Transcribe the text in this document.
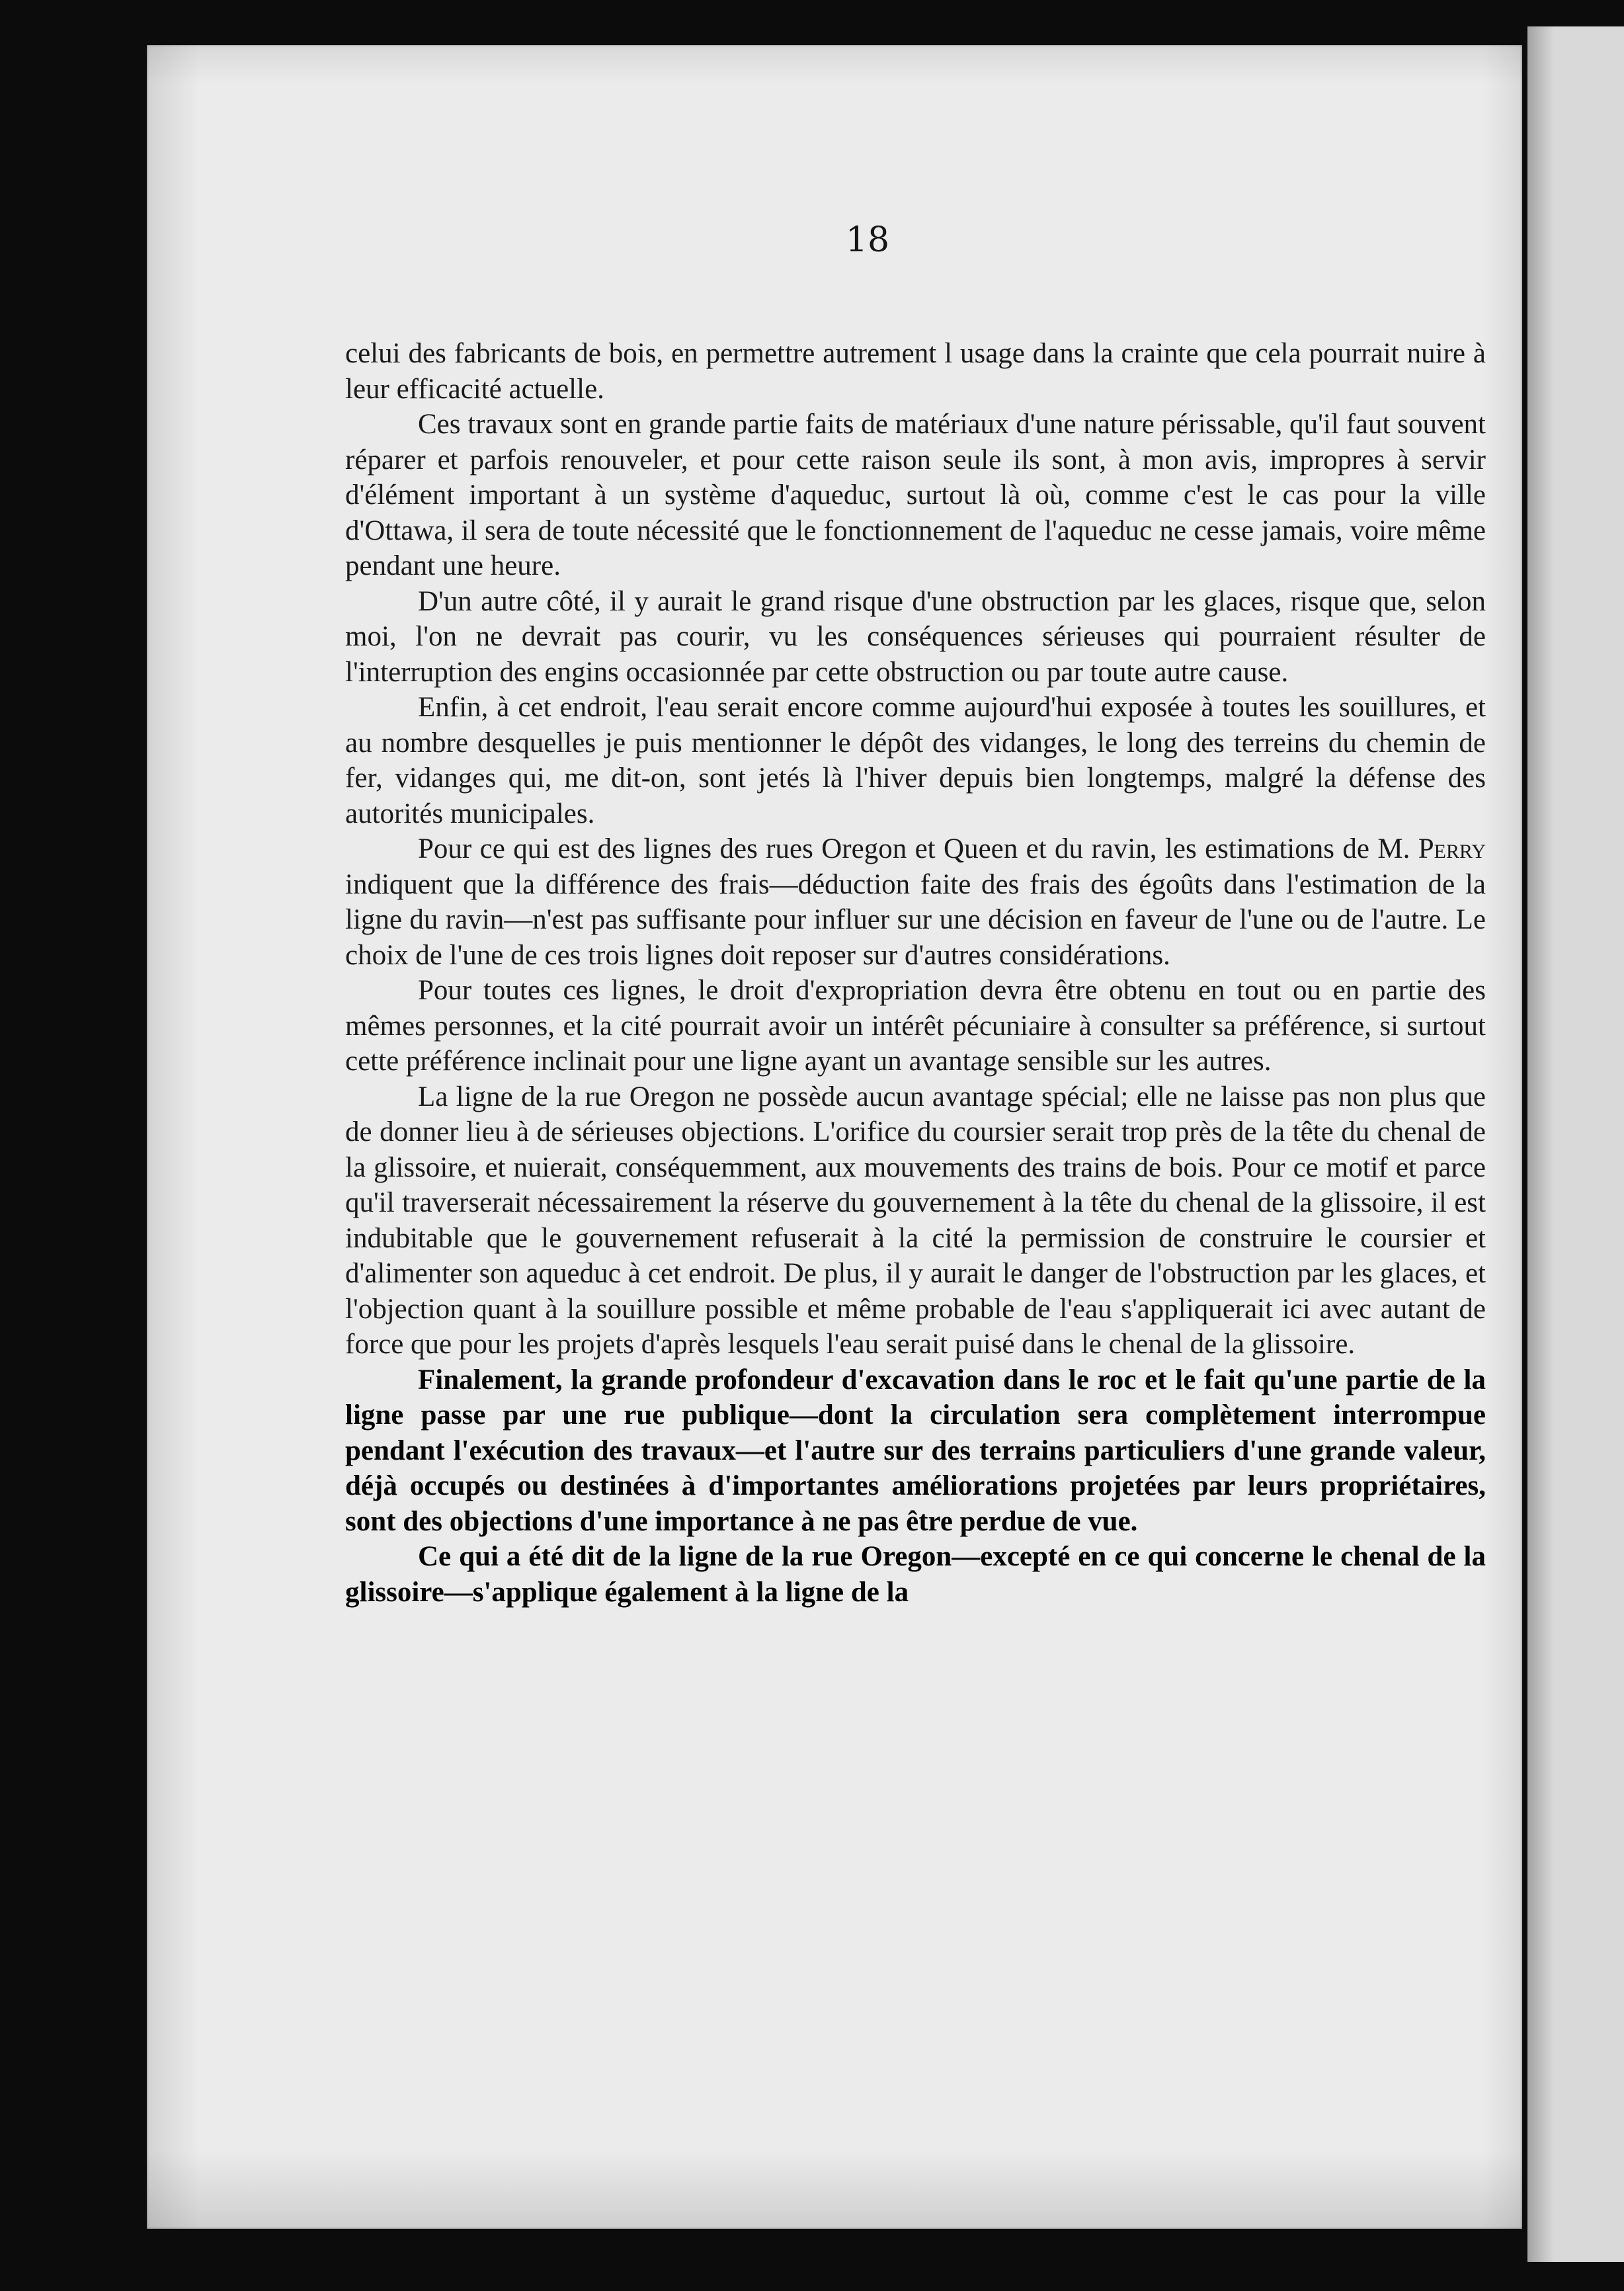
18

celui des fabricants de bois, en permettre autrement l usage dans la crainte que cela pourrait nuire à leur efficacité actuelle.

Ces travaux sont en grande partie faits de matériaux d'une nature périssable, qu'il faut souvent réparer et parfois renouveler, et pour cette raison seule ils sont, à mon avis, impropres à servir d'élément important à un système d'aqueduc, surtout là où, comme c'est le cas pour la ville d'Ottawa, il sera de toute nécessité que le fonctionnement de l'aqueduc ne cesse jamais, voire même pendant une heure.

D'un autre côté, il y aurait le grand risque d'une obstruction par les glaces, risque que, selon moi, l'on ne devrait pas courir, vu les conséquences sérieuses qui pourraient résulter de l'interruption des engins occasionnée par cette obstruction ou par toute autre cause.

Enfin, à cet endroit, l'eau serait encore comme aujourd'hui exposée à toutes les souillures, et au nombre desquelles je puis mentionner le dépôt des vidanges, le long des terreins du chemin de fer, vidanges qui, me dit-on, sont jetés là l'hiver depuis bien longtemps, malgré la défense des autorités municipales.

Pour ce qui est des lignes des rues Oregon et Queen et du ravin, les estimations de M. Perry indiquent que la différence des frais—déduction faite des frais des égoûts dans l'estimation de la ligne du ravin—n'est pas suffisante pour influer sur une décision en faveur de l'une ou de l'autre. Le choix de l'une de ces trois lignes doit reposer sur d'autres considérations.

Pour toutes ces lignes, le droit d'expropriation devra être obtenu en tout ou en partie des mêmes personnes, et la cité pourrait avoir un intérêt pécuniaire à consulter sa préférence, si surtout cette préférence inclinait pour une ligne ayant un avantage sensible sur les autres.

La ligne de la rue Oregon ne possède aucun avantage spécial; elle ne laisse pas non plus que de donner lieu à de sérieuses objections. L'orifice du coursier serait trop près de la tête du chenal de la glissoire, et nuierait, conséquemment, aux mouvements des trains de bois. Pour ce motif et parce qu'il traverserait nécessairement la réserve du gouvernement à la tête du chenal de la glissoire, il est indubitable que le gouvernement refuserait à la cité la permission de construire le coursier et d'alimenter son aqueduc à cet endroit. De plus, il y aurait le danger de l'obstruction par les glaces, et l'objection quant à la souillure possible et même probable de l'eau s'appliquerait ici avec autant de force que pour les projets d'après lesquels l'eau serait puisé dans le chenal de la glissoire.

Finalement, la grande profondeur d'excavation dans le roc et le fait qu'une partie de la ligne passe par une rue publique—dont la circulation sera complètement interrompue pendant l'exécution des travaux—et l'autre sur des terrains particuliers d'une grande valeur, déjà occupés ou destinées à d'importantes améliorations projetées par leurs propriétaires, sont des objections d'une importance à ne pas être perdue de vue.

Ce qui a été dit de la ligne de la rue Oregon—excepté en ce qui concerne le chenal de la glissoire—s'applique également à la ligne de la
